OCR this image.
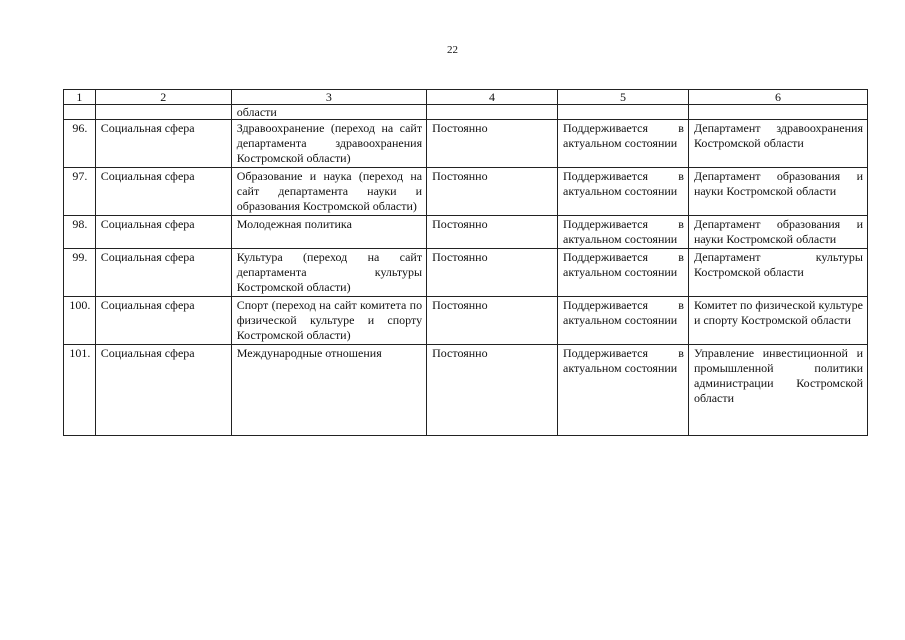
22
1	2	3	4	5	6
		области			
96.	Социальная сфера	Здравоохранение (переход на сайт департамента здравоохранения Костромской области)	Постоянно	Поддерживается в актуальном состоянии	Департамент здравоохранения Костромской области
97.	Социальная сфера	Образование и наука (переход на сайт департамента науки и образования Костромской области)	Постоянно	Поддерживается в актуальном состоянии	Департамент образования и науки Костромской области
98.	Социальная сфера	Молодежная политика	Постоянно	Поддерживается в актуальном состоянии	Департамент образования и науки Костромской области
99.	Социальная сфера	Культура (переход на сайт департамента культуры Костромской области)	Постоянно	Поддерживается в актуальном состоянии	Департамент культуры Костромской области
100.	Социальная сфера	Спорт (переход на сайт комитета по физической культуре и спорту Костромской области)	Постоянно	Поддерживается в актуальном состоянии	Комитет по физической культуре и спорту Костромской области
101.	Социальная сфера	Международные отношения	Постоянно	Поддерживается в актуальном состоянии	Управление инвестиционной и промышленной политики администрации Костромской области
